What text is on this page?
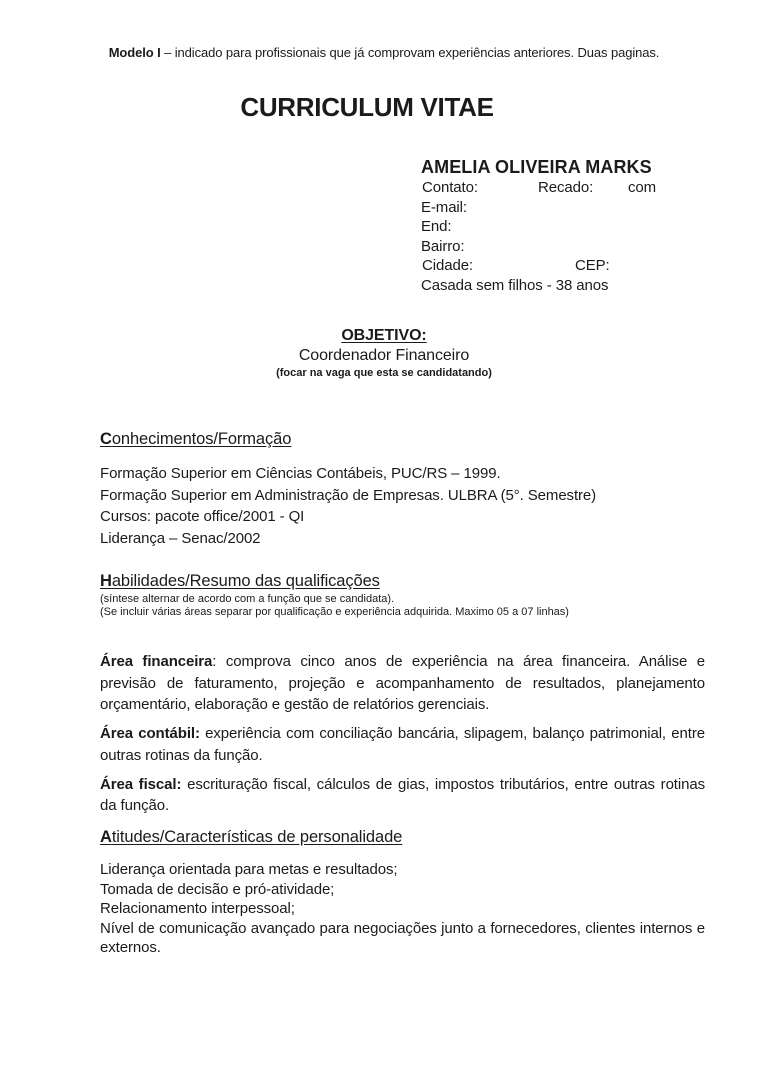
Modelo I – indicado para profissionais que já comprovam experiências anteriores. Duas paginas.
CURRICULUM VITAE
AMELIA OLIVEIRA MARKS
Contato:	Recado: com
E-mail:
End:
Bairro:
Cidade:	CEP:
Casada sem filhos - 38 anos
OBJETIVO:
Coordenador Financeiro
(focar na vaga que esta se candidatando)
Conhecimentos/Formação
Formação Superior em Ciências Contábeis, PUC/RS – 1999.
Formação Superior em Administração de Empresas. ULBRA (5°. Semestre)
Cursos: pacote office/2001 - QI
Liderança – Senac/2002
Habilidades/Resumo das qualificações
(síntese alternar de acordo com a função que se candidata).
(Se incluir várias áreas separar por qualificação e experiência adquirida. Maximo 05 a 07 linhas)

Área financeira: comprova cinco anos de experiência na área financeira. Análise e previsão de faturamento, projeção e acompanhamento de resultados, planejamento orçamentário, elaboração e gestão de relatórios gerenciais.

Área contábil: experiência com conciliação bancária, slipagem, balanço patrimonial, entre outras rotinas da função.

Área fiscal: escrituração fiscal, cálculos de gias, impostos tributários, entre outras rotinas da função.

Atitudes/Características de personalidade
Liderança orientada para metas e resultados;
Tomada de decisão e pró-atividade;
Relacionamento interpessoal;

Nível de comunicação avançado para negociações junto a fornecedores, clientes internos e externos.
